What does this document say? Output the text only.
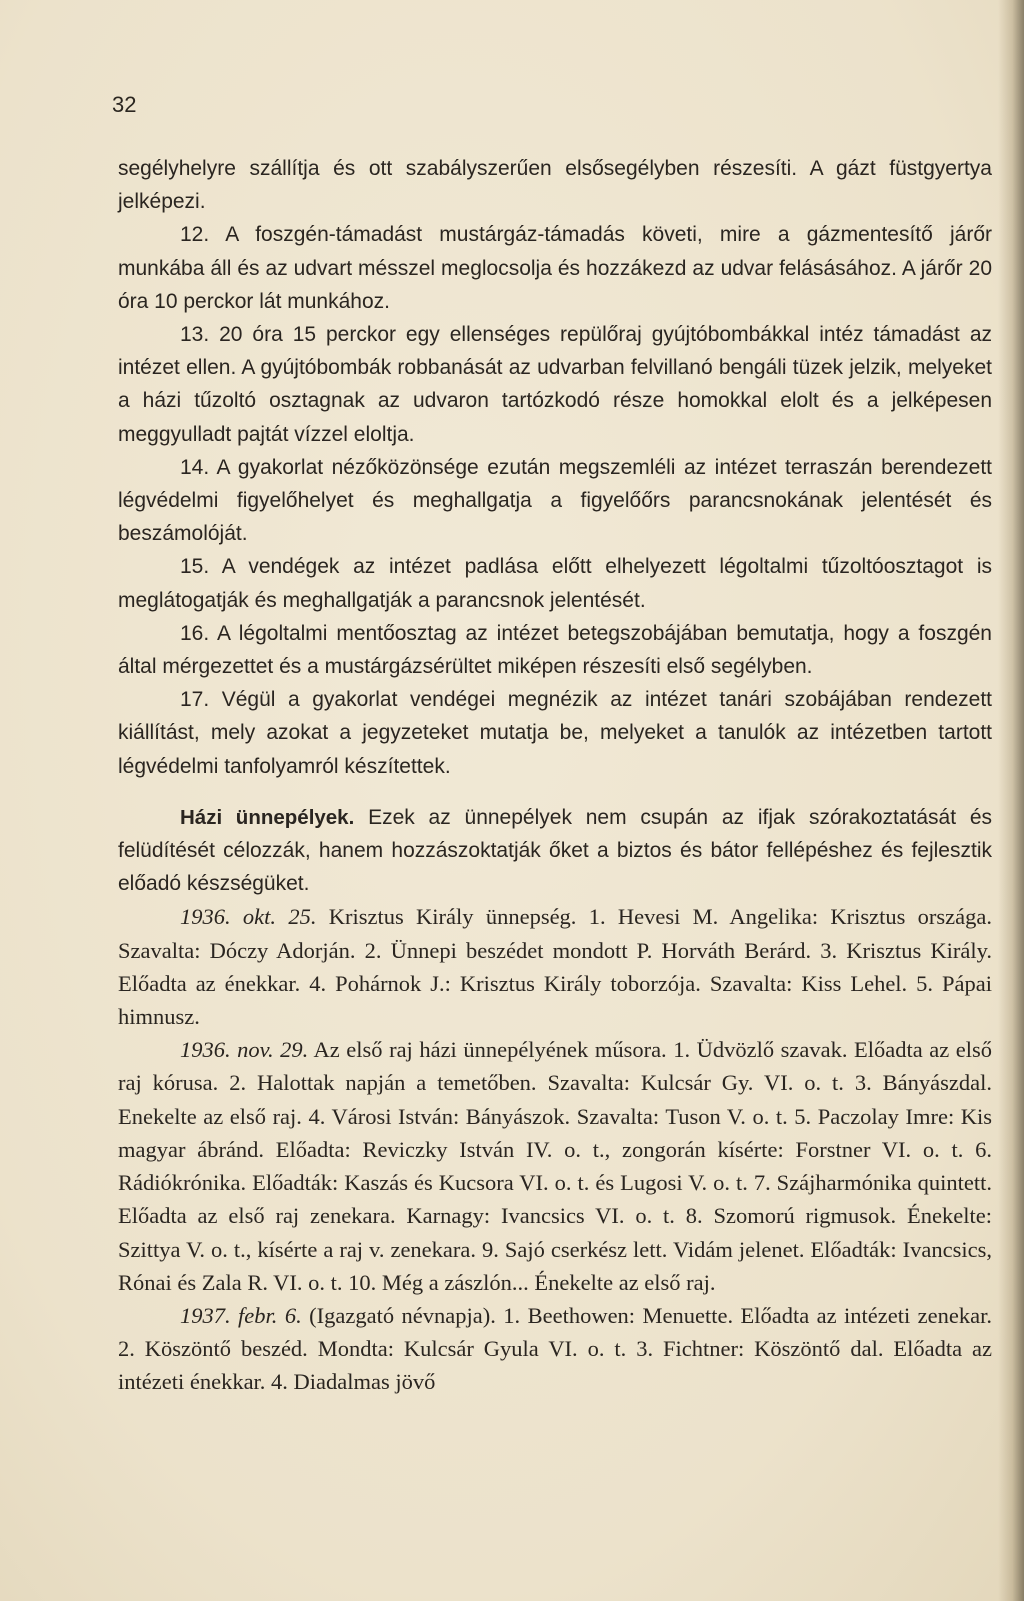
32

segélyhelyre szállítja és ott szabályszerűen elsősegélyben részesíti. A gázt füstgyertya jelképezi.

12. A foszgén-támadást mustárgáz-támadás követi, mire a gázmentesítő járőr munkába áll és az udvart mésszel meglocsolja és hozzákezd az udvar felásásához. A járőr 20 óra 10 perckor lát munkához.

13. 20 óra 15 perckor egy ellenséges repülőraj gyújtóbombákkal intéz támadást az intézet ellen. A gyújtóbombák robbanását az udvarban felvillanó bengáli tüzek jelzik, melyeket a házi tűzoltó osztagnak az udvaron tartózkodó része homokkal elolt és a jelképesen meggyulladt pajtát vízzel eloltja.

14. A gyakorlat nézőközönsége ezután megszemléli az intézet terraszán berendezett légvédelmi figyelőhelyet és meghallgatja a figyelőőrs parancsnokának jelentését és beszámolóját.

15. A vendégek az intézet padlása előtt elhelyezett légoltalmi tűzoltóosztagot is meglátogatják és meghallgatják a parancsnok jelentését.

16. A légoltalmi mentőosztag az intézet betegszobájában bemutatja, hogy a foszgén által mérgezettet és a mustárgázsérültet miképen részesíti első segélyben.

17. Végül a gyakorlat vendégei megnézik az intézet tanári szobájában rendezett kiállítást, mely azokat a jegyzeteket mutatja be, melyeket a tanulók az intézetben tartott légvédelmi tanfolyamról készítettek.

Házi ünnepélyek. Ezek az ünnepélyek nem csupán az ifjak szórakoztatását és felüdítését célozzák, hanem hozzászoktatják őket a biztos és bátor fellépéshez és fejlesztik előadó készségüket.

1936. okt. 25. Krisztus Király ünnepség. 1. Hevesi M. Angelika: Krisztus országa. Szavalta: Dóczy Adorján. 2. Ünnepi beszédet mondott P. Horváth Berárd. 3. Krisztus Király. Előadta az énekkar. 4. Pohárnok J.: Krisztus Király toborzója. Szavalta: Kiss Lehel. 5. Pápai himnusz.

1936. nov. 29. Az első raj házi ünnepélyének műsora. 1. Üdvözlő szavak. Előadta az első raj kórusa. 2. Halottak napján a temetőben. Szavalta: Kulcsár Gy. VI. o. t. 3. Bányászdal. Enekelte az első raj. 4. Városi István: Bányászok. Szavalta: Tuson V. o. t. 5. Paczolay Imre: Kis magyar ábránd. Előadta: Reviczky István IV. o. t., zongorán kísérte: Forstner VI. o. t. 6. Rádiókrónika. Előadták: Kaszás és Kucsora VI. o. t. és Lugosi V. o. t. 7. Szájharmónika quintett. Előadta az első raj zenekara. Karnagy: Ivancsics VI. o. t. 8. Szomorú rigmusok. Énekelte: Szittya V. o. t., kísérte a raj v. zenekara. 9. Sajó cserkész lett. Vidám jelenet. Előadták: Ivancsics, Rónai és Zala R. VI. o. t. 10. Még a zászlón... Énekelte az első raj.

1937. febr. 6. (Igazgató névnapja). 1. Beethowen: Menuette. Előadta az intézeti zenekar. 2. Köszöntő beszéd. Mondta: Kulcsár Gyula VI. o. t. 3. Fichtner: Köszöntő dal. Előadta az intézeti énekkar. 4. Diadalmas jövő
